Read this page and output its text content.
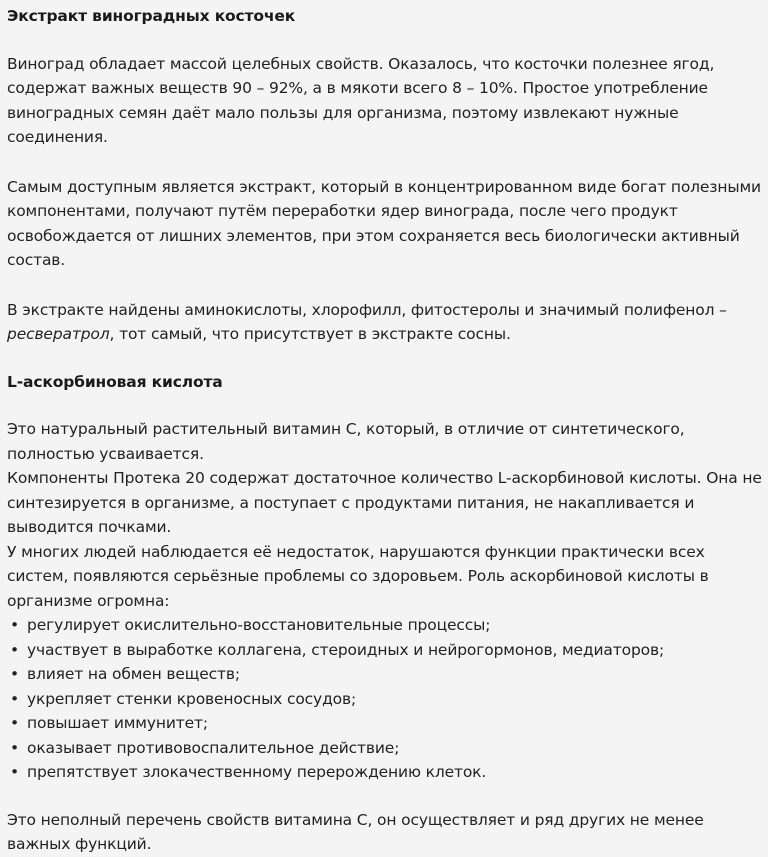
Экстракт виноградных косточек

Виноград обладает массой целебных свойств. Оказалось, что косточки полезнее ягод, содержат важных веществ 90 – 92%, а в мякоти всего 8 – 10%. Простое употребление виноградных семян даёт мало пользы для организма, поэтому извлекают нужные соединения.

Самым доступным является экстракт, который в концентрированном виде богат полезными компонентами, получают путём переработки ядер винограда, после чего продукт освобождается от лишних элементов, при этом сохраняется весь биологически активный состав.

В экстракте найдены аминокислоты, хлорофилл, фитостеролы и значимый полифенол – ресвератрол, тот самый, что присутствует в экстракте сосны.

L-аскорбиновая кислота

Это натуральный растительный витамин С, который, в отличие от синтетического, полностью усваивается.

Компоненты Протека 20 содержат достаточное количество L-аскорбиновой кислоты. Она не синтезируется в организме, а поступает с продуктами питания, не накапливается и выводится почками.

У многих людей наблюдается её недостаток, нарушаются функции практически всех систем, появляются серьёзные проблемы со здоровьем. Роль аскорбиновой кислоты в организме огромна:

• регулирует окислительно-восстановительные процессы;
• участвует в выработке коллагена, стероидных и нейрогормонов, медиаторов;
• влияет на обмен веществ;
• укрепляет стенки кровеносных сосудов;
• повышает иммунитет;
• оказывает противовоспалительное действие;
• препятствует злокачественному перерождению клеток.

Это неполный перечень свойств витамина С, он осуществляет и ряд других не менее важных функций.
